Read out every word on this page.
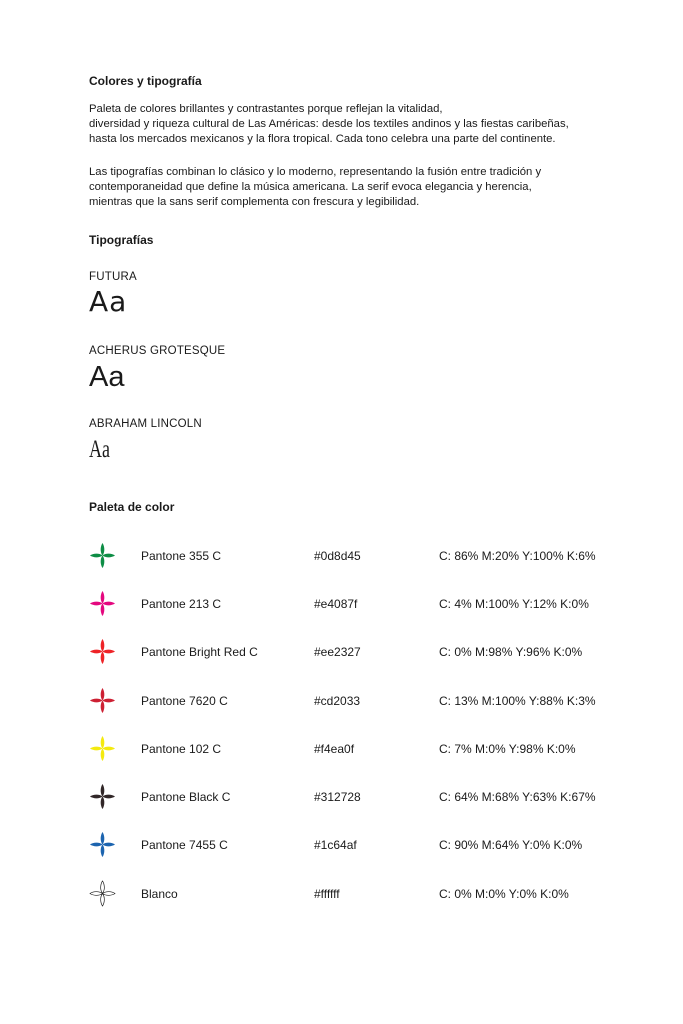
Colores y tipografía
Paleta de colores brillantes y contrastantes porque reflejan la vitalidad,
diversidad y riqueza cultural de Las Américas: desde los textiles andinos y las fiestas caribeñas,
hasta los mercados mexicanos y la flora tropical. Cada tono celebra una parte del continente.
Las tipografías combinan lo clásico y lo moderno, representando la fusión entre tradición y
contemporaneidad que define la música americana. La serif evoca elegancia y herencia,
mientras que la sans serif complementa con frescura y legibilidad.
Tipografías
FUTURA
Aa
ACHERUS GROTESQUE
Aa
ABRAHAM LINCOLN
Aa
Paleta de color
Pantone 355 C	#0d8d45	C: 86% M:20% Y:100% K:6%
Pantone 213 C	#e4087f	C: 4% M:100% Y:12% K:0%
Pantone Bright Red C	#ee2327	C: 0% M:98% Y:96% K:0%
Pantone 7620 C	#cd2033	C: 13% M:100% Y:88% K:3%
Pantone 102 C	#f4ea0f	C: 7% M:0% Y:98% K:0%
Pantone Black C	#312728	C: 64% M:68% Y:63% K:67%
Pantone 7455 C	#1c64af	C: 90% M:64% Y:0% K:0%
Blanco	#ffffff	C: 0% M:0% Y:0% K:0%
